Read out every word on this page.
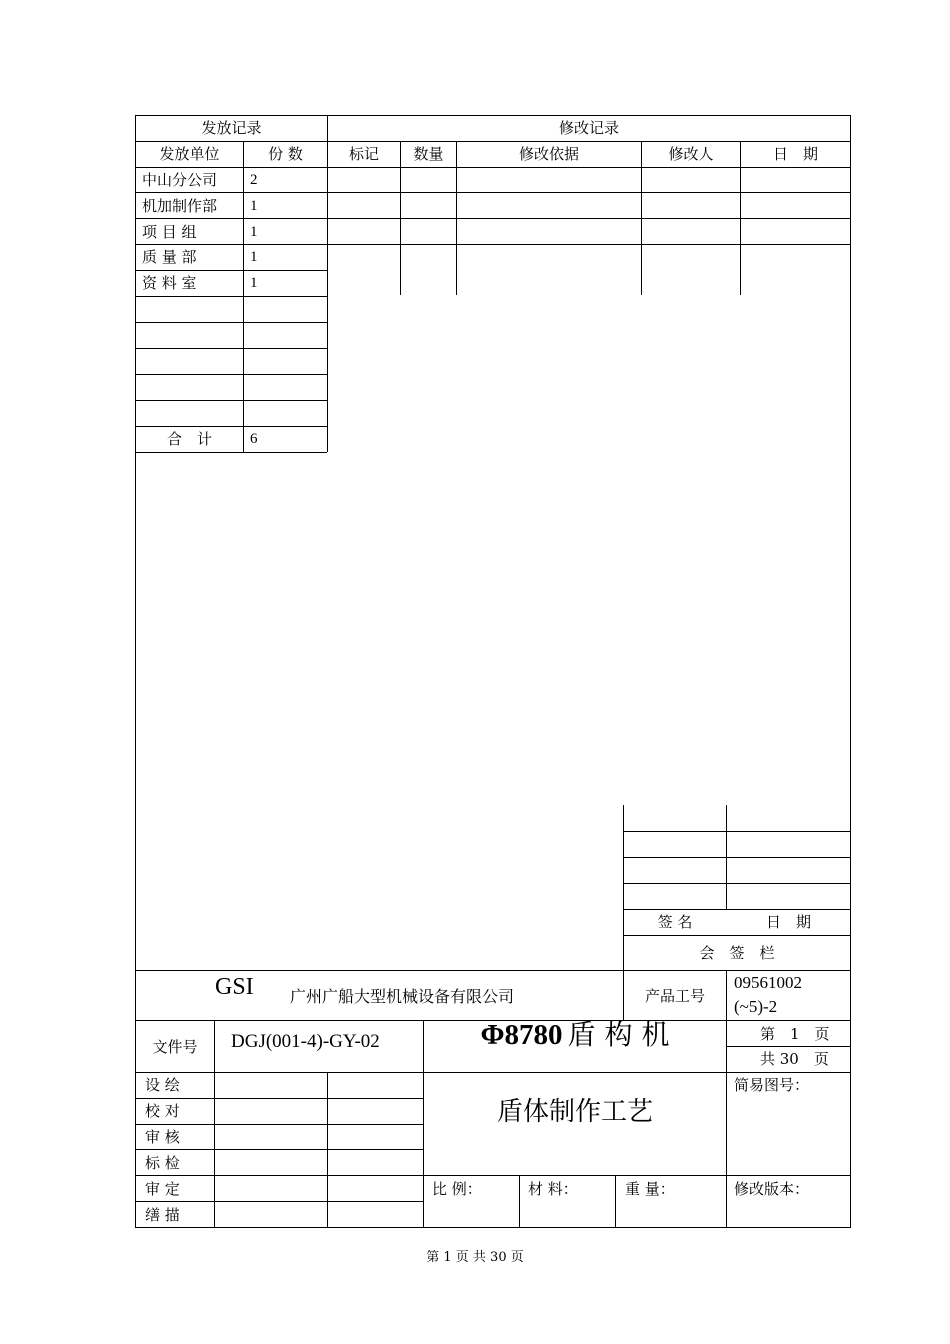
发放记录
发放单位	份 数
中山分公司 2
机加制作部 1
项 目 组	1
质 量 部	1
资 料 室	1
合　计	6
修改记录
标记	数量	修改依据	修改人	日　期
签 名	日　期
会　签　栏
GSI 广州广船大型机械设备有限公司	产品工号
09561002
(~5)-2
文件号	DGJ(001-4)-GY-02	Φ8780 盾 构 机	第　1　页
共 30　页
设 绘
校 对
审 核
标 检
审 定
缮 描
盾体制作工艺
简易图号：
比 例：	材 料：	重 量：	修改版本：
第 1 页 共 30 页
